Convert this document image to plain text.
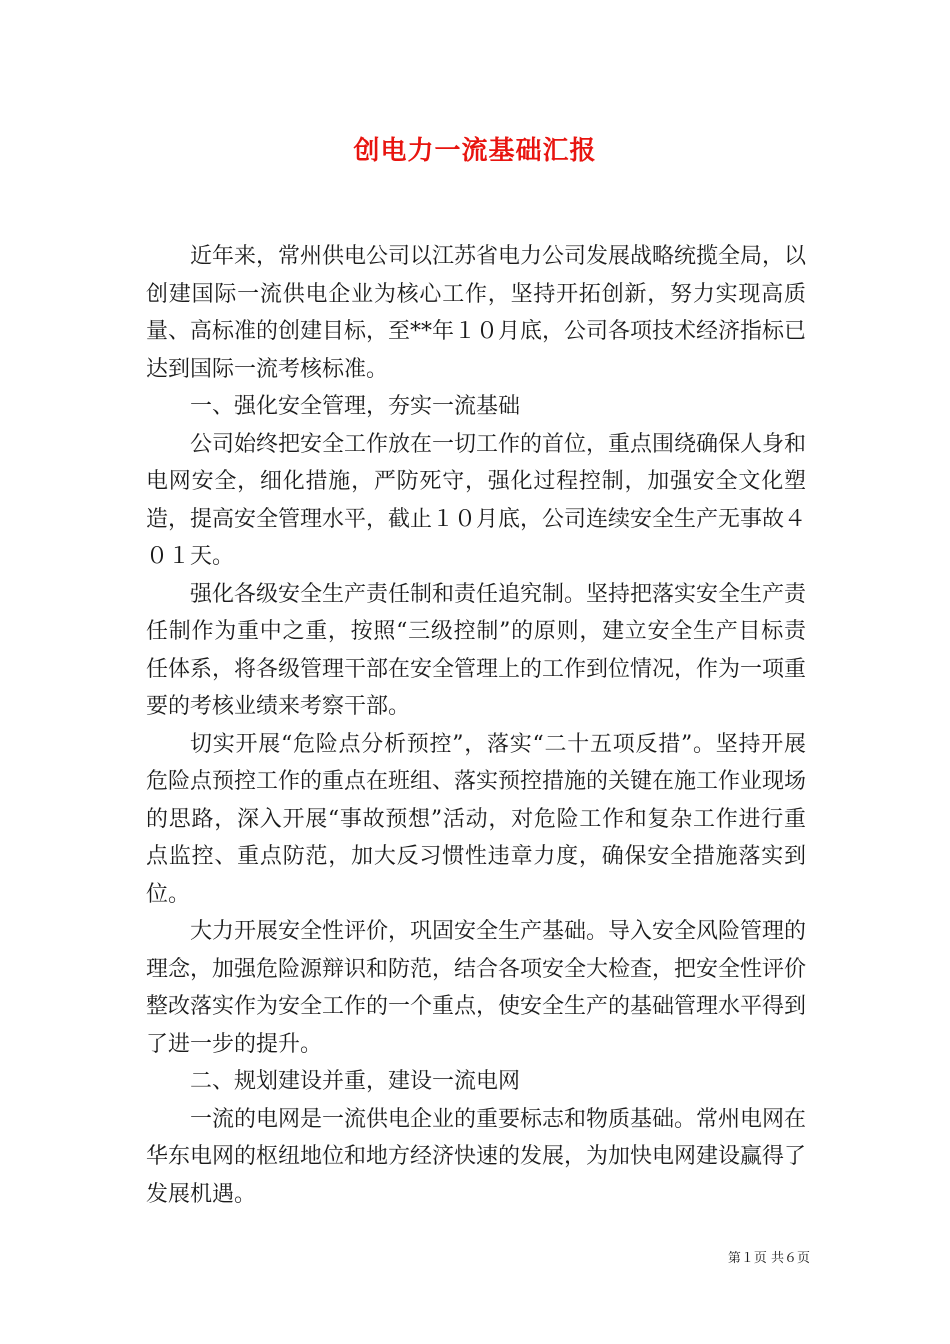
创电力一流基础汇报

近年来，常州供电公司以江苏省电力公司发展战略统揽全局，以创建国际一流供电企业为核心工作，坚持开拓创新，努力实现高质量、高标准的创建目标，至**年１０月底，公司各项技术经济指标已达到国际一流考核标准。

一、强化安全管理，夯实一流基础

公司始终把安全工作放在一切工作的首位，重点围绕确保人身和电网安全，细化措施，严防死守，强化过程控制，加强安全文化塑造，提高安全管理水平，截止１０月底，公司连续安全生产无事故４０１天。

强化各级安全生产责任制和责任追究制。坚持把落实安全生产责任制作为重中之重，按照“三级控制”的原则，建立安全生产目标责任体系，将各级管理干部在安全管理上的工作到位情况，作为一项重要的考核业绩来考察干部。

切实开展“危险点分析预控”，落实“二十五项反措”。坚持开展危险点预控工作的重点在班组、落实预控措施的关键在施工作业现场的思路，深入开展“事故预想”活动，对危险工作和复杂工作进行重点监控、重点防范，加大反习惯性违章力度，确保安全措施落实到位。

大力开展安全性评价，巩固安全生产基础。导入安全风险管理的理念，加强危险源辩识和防范，结合各项安全大检查，把安全性评价整改落实作为安全工作的一个重点，使安全生产的基础管理水平得到了进一步的提升。

二、规划建设并重，建设一流电网

一流的电网是一流供电企业的重要标志和物质基础。常州电网在华东电网的枢纽地位和地方经济快速的发展，为加快电网建设赢得了发展机遇。

第１页 共６页
